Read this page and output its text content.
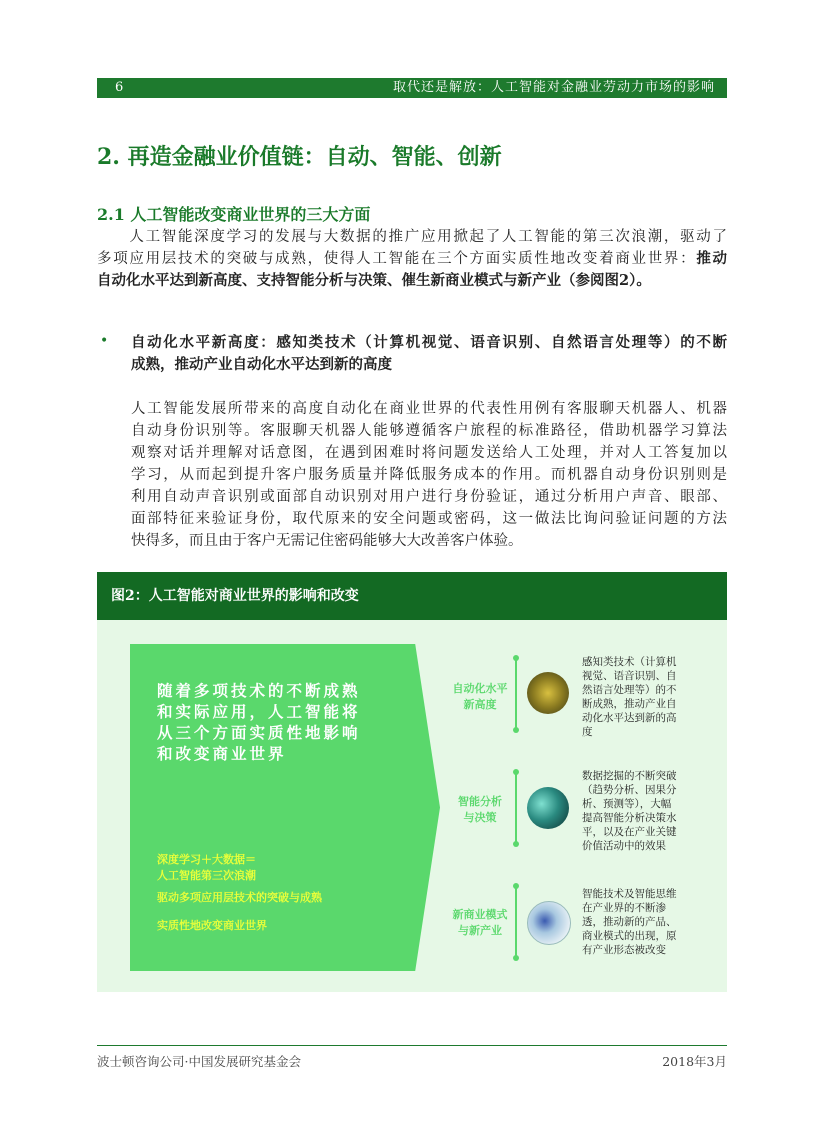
6	取代还是解放：人工智能对金融业劳动力市场的影响
2. 再造金融业价值链：自动、智能、创新
2.1 人工智能改变商业世界的三大方面
　　人工智能深度学习的发展与大数据的推广应用掀起了人工智能的第三次浪潮，驱动了
多项应用层技术的突破与成熟，使得人工智能在三个方面实质性地改变着商业世界：推动
自动化水平达到新高度、支持智能分析与决策、催生新商业模式与新产业（参阅图2）。
• 自动化水平新高度：感知类技术（计算机视觉、语音识别、自然语言处理等）的不断
成熟，推动产业自动化水平达到新的高度
人工智能发展所带来的高度自动化在商业世界的代表性用例有客服聊天机器人、机器
自动身份识别等。客服聊天机器人能够遵循客户旅程的标准路径，借助机器学习算法
观察对话并理解对话意图，在遇到困难时将问题发送给人工处理，并对人工答复加以
学习，从而起到提升客户服务质量并降低服务成本的作用。而机器自动身份识别则是
利用自动声音识别或面部自动识别对用户进行身份验证，通过分析用户声音、眼部、
面部特征来验证身份，取代原来的安全问题或密码，这一做法比询问验证问题的方法
快得多，而且由于客户无需记住密码能够大大改善客户体验。
图2：人工智能对商业世界的影响和改变
随着多项技术的不断成熟
和实际应用，人工智能将
从三个方面实质性地影响
和改变商业世界
深度学习＋大数据＝
人工智能第三次浪潮
驱动多项应用层技术的突破与成熟
实质性地改变商业世界
自动化水平
新高度
感知类技术（计算机
视觉、语音识别、自
然语言处理等）的不
断成熟，推动产业自
动化水平达到新的高
度
智能分析
与决策
数据挖掘的不断突破
（趋势分析、因果分
析、预测等），大幅
提高智能分析决策水
平，以及在产业关键
价值活动中的效果
新商业模式
与新产业
智能技术及智能思维
在产业界的不断渗
透，推动新的产品、
商业模式的出现，原
有产业形态被改变
波士顿咨询公司·中国发展研究基金会	2018年3月
